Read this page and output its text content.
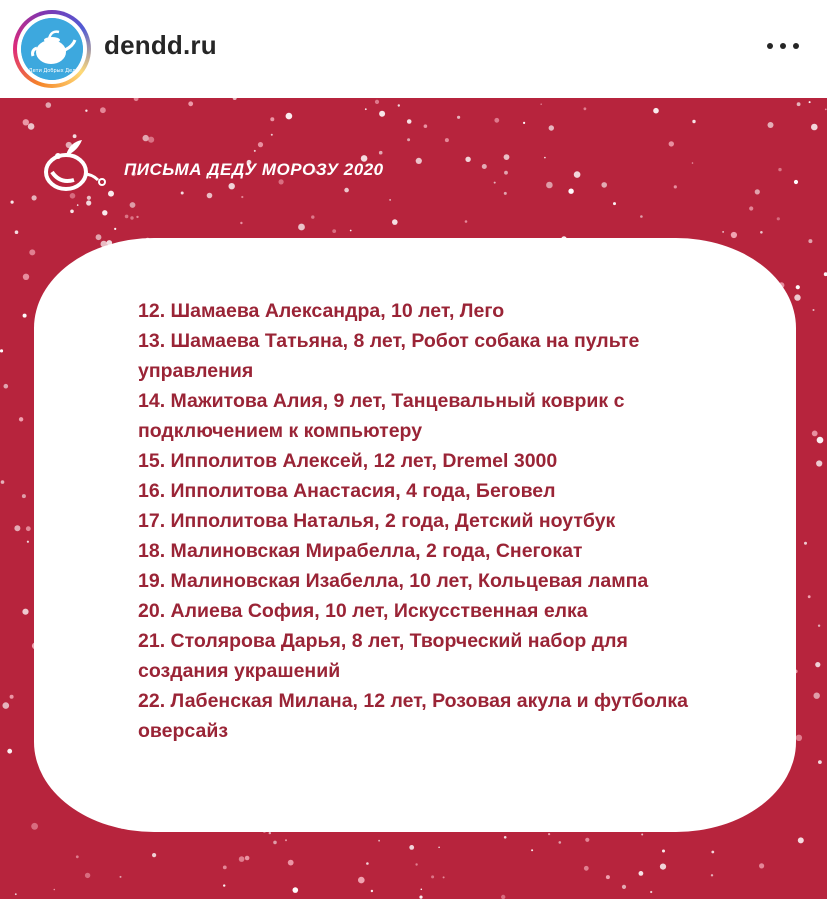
Дети Добрых Дел
dendd.ru
ПИСЬМА ДЕДУ МОРОЗУ 2020
12. Шамаева Александра, 10 лет, Лего
13. Шамаева Татьяна, 8 лет, Робот собака на пульте управления
14. Мажитова Алия, 9 лет, Танцевальный коврик с подключением к компьютеру
15. Ипполитов Алексей, 12 лет, Dremel 3000
16. Ипполитова Анастасия, 4 года, Беговел
17. Ипполитова Наталья, 2 года, Детский ноутбук
18. Малиновская Мирабелла, 2 года, Снегокат
19. Малиновская Изабелла, 10 лет, Кольцевая лампа
20. Алиева София, 10 лет, Искусственная елка
21. Столярова Дарья, 8 лет, Творческий набор для создания украшений
22. Лабенская Милана, 12 лет, Розовая акула и футболка оверсайз
